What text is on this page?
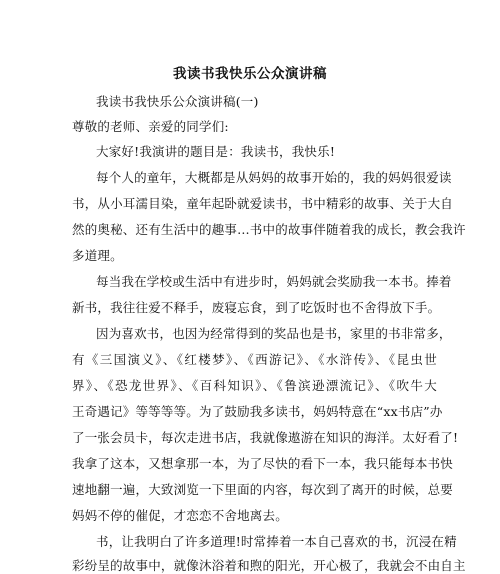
我读书我快乐公众演讲稿

我读书我快乐公众演讲稿(一)

尊敬的老师、亲爱的同学们:

大家好!我演讲的题目是：我读书，我快乐!

每个人的童年，大概都是从妈妈的故事开始的，我的妈妈很爱读

书，从小耳濡目染，童年起卧就爱读书，书中精彩的故事、关于大自

然的奥秘、还有生活中的趣事…书中的故事伴随着我的成长，教会我许

多道理。

每当我在学校或生活中有进步时，妈妈就会奖励我一本书。捧着

新书，我往往爱不释手，废寝忘食，到了吃饭时也不舍得放下手。

因为喜欢书，也因为经常得到的奖品也是书，家里的书非常多，

有《三国演义》、《红楼梦》、《西游记》、《水浒传》、《昆虫世

界》、《恐龙世界》、《百科知识》、《鲁滨逊漂流记》、《吹牛大

王奇遇记》等等等等。为了鼓励我多读书，妈妈特意在“xx书店”办

了一张会员卡，每次走进书店，我就像遨游在知识的海洋。太好看了!

我拿了这本，又想拿那一本，为了尽快的看下一本，我只能每本书快

速地翻一遍，大致浏览一下里面的内容，每次到了离开的时候，总要

妈妈不停的催促，才恋恋不舍地离去。

书，让我明白了许多道理!时常捧着一本自己喜欢的书，沉浸在精

彩纷呈的故事中，就像沐浴着和煦的阳光，开心极了，我就会不由自主
